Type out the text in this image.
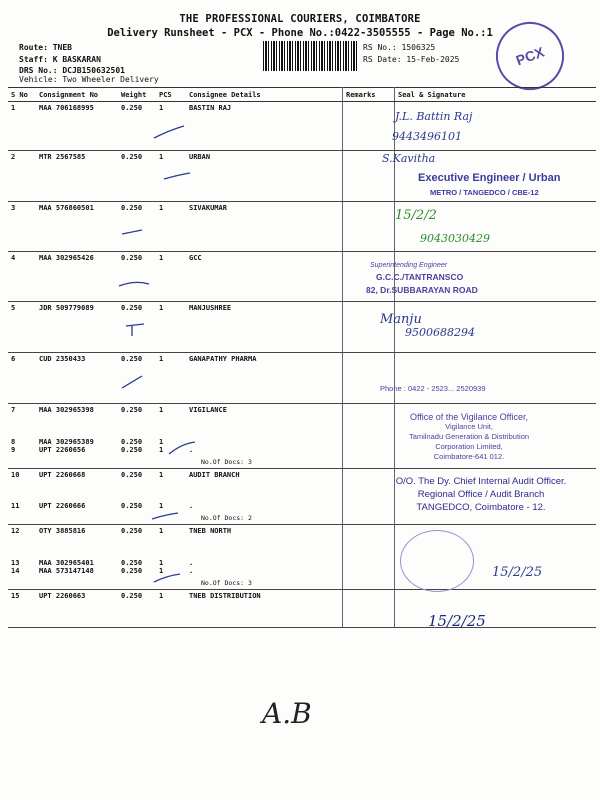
THE PROFESSIONAL COURIERS, COIMBATORE
Delivery Runsheet - PCX - Phone No.:0422-3505555 - Page No.:1
Route: TNEB
Staff: K BASKARAN
DRS No.: DCJB150632501
Vehicle: Two Wheeler Delivery
RS No.: 1506325
RS Date: 15-Feb-2025	PCX
S No	Consignment No	Weight	PCS	Consignee Details	Remarks	Seal & Signature
1	MAA 706168995	0.250	1	BASTIN RAJ		
2	MTR 2567585	0.250	1	URBAN		
3	MAA 576860501	0.250	1	SIVAKUMAR		
4	MAA 302965426	0.250	1	GCC		
5	JDR 509779089	0.250	1	MANJUSHREE		
6	CUD 2350433	0.250	1	GANAPATHY PHARMA		
7	MAA 302965398	0.250	1	VIGILANCE		
8	MAA 302965389	0.250	1			
9	UPT 2260656	0.250	1	.
No.Of Docs: 3		

10	UPT 2260668	0.250	1	AUDIT BRANCH		
11	UPT 2260666	0.250	1	.
No.Of Docs: 2		

12	OTY 3885816	0.250	1	TNEB NORTH		
13	MAA 302965401	0.250	1	.		
14	MAA 573147148	0.250	1	.
No.Of Docs: 3		

15	UPT 2260663	0.250	1	TNEB DISTRIBUTION		
J.L. Battin Raj
9443496101
S.Kavitha
Executive Engineer / Urban
METRO / TANGEDCO / CBE-12
15/2/2
9043030429
Superintending Engineer
G.C.C./TANTRANSCO
82, Dr.SUBBARAYAN ROAD
Manju
9500688294
Phone : 0422 - 2523... 2520939
Office of the Vigilance Officer,
Vigilance Unit,
Tamilnadu Generation & Distribution
Corporation Limited,
Coimbatore-641 012.
O/O. The Dy. Chief Internal Audit Officer.
Regional Office / Audit Branch
TANGEDCO, Coimbatore - 12.
15/2/25
15/2/25
A.B
